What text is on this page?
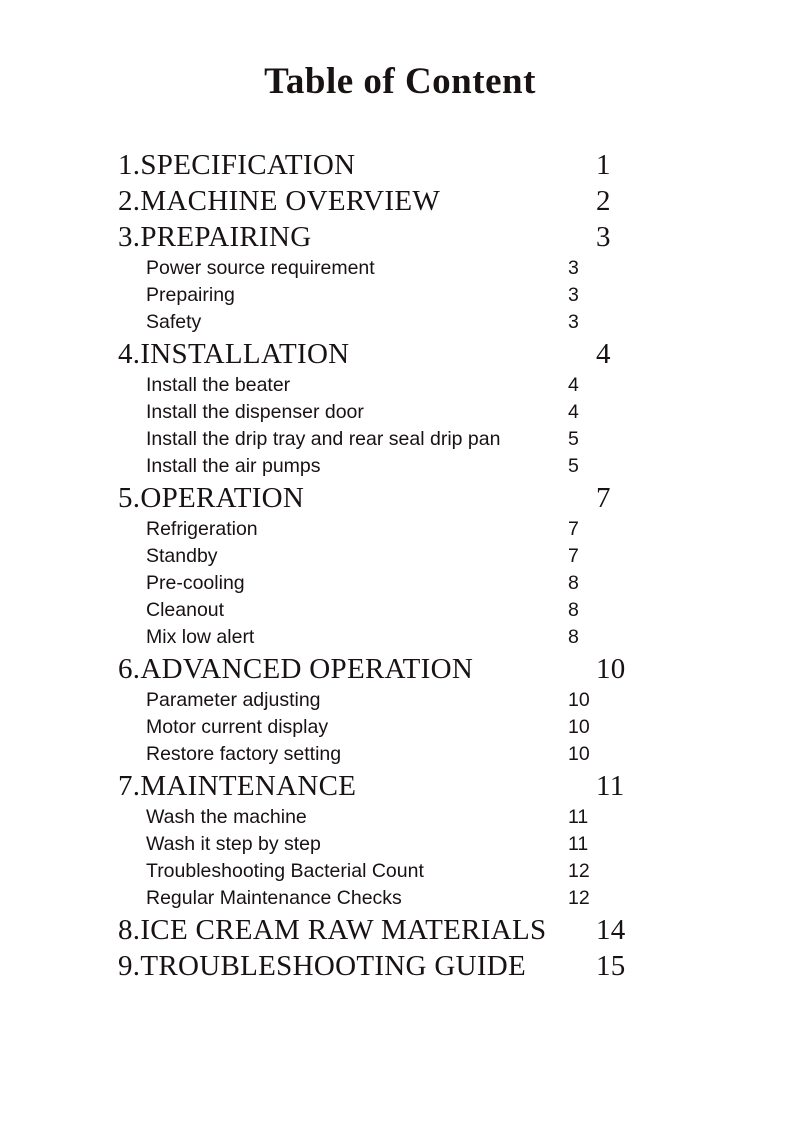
Table of Content
1.SPECIFICATION	1
2.MACHINE OVERVIEW	2
3.PREPAIRING	3
Power source requirement	3
Prepairing	3
Safety	3
4.INSTALLATION	4
Install the beater	4
Install the dispenser door	4
Install the drip tray and rear seal drip pan	5
Install the air pumps	5
5.OPERATION	7
Refrigeration	7
Standby	7
Pre-cooling	8
Cleanout	8
Mix low alert	8
6.ADVANCED OPERATION	10
Parameter adjusting	10
Motor current display	10
Restore factory setting	10
7.MAINTENANCE	11
Wash the machine	11
Wash it step by step	11
Troubleshooting Bacterial Count	12
Regular Maintenance Checks	12
8.ICE CREAM RAW MATERIALS 14
9.TROUBLESHOOTING GUIDE 15
